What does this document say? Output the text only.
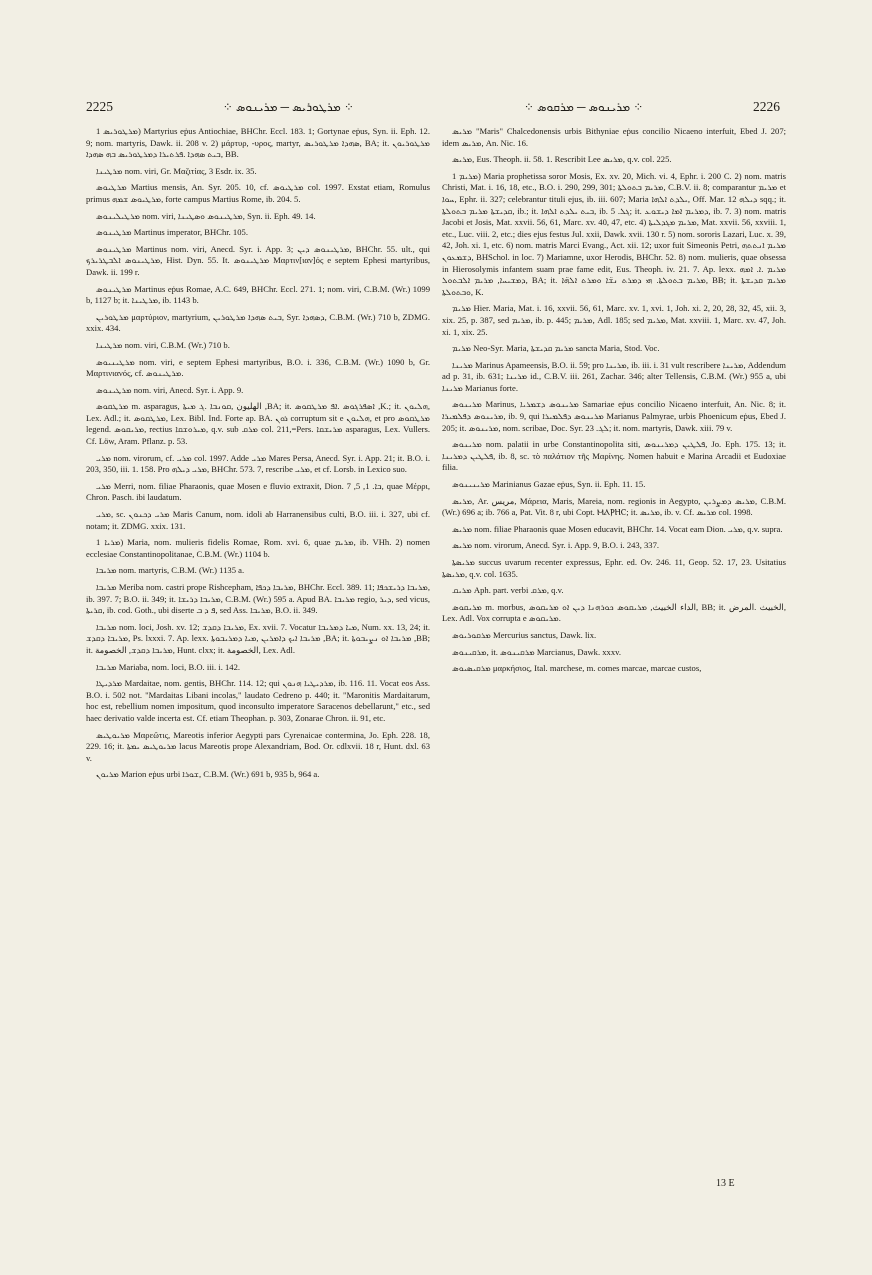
2225	⁘ ܡܪܛܘܪܝܣ ─ ܡܪܝܢܘܣ ⁘	⁘ ܡܪܝܢܘܣ ─ ܡܪܩܘܣ ⁘	2226

ܡܪܛܘܪܝܣ 1) Martyrius eṗus Antiochiae, BHChr. Eccl. 183. 1; Gortynae eṗus, Syn. ii. Eph. 12. 9; nom. martyris, Dawk. ii. 208 v. 2) μάρτυρ, -υρος, martyr, ܣܗܕܐ ܡܪܛܘܪܝܣ, BA; it. ܡܪܛܘܪܝܘܢ ܒܝܬ ܣܗܕܐ .ܦܪܬܝܪܐ ܕܡܪܛܘܪܝܣ ܒܗ ܣܗܕܐ, BB.

ܡܪܛܝܢܐ nom. viri, Gr. Μαζιτίας, 3 Esdr. ix. 35.

ܡܪܛܝܘܣ Martius mensis, An. Syr. 205. 10, cf. ܡܪܛܝܘܣ col. 1997. Exstat etiam, Romulus primus ܡܪܛܝܘܣ ܫܡܗ, forte campus Martius Rome, ib. 204. 5.

ܡܪܛܝܠܝܢܘܣ nom. viri, ܡܪܛܝܢܘܣ ܘܣܛܝܢܐ, Syn. ii. Eph. 49. 14.

ܡܪܛܝܢܘܣ Martinus imperator, BHChr. 105.

ܡܪܛܝܢܘܣ Martinus nom. viri, Anecd. Syr. i. App. 3; ܡܪܛܝܢܘܣ ܕܝܢ, BHChr. 55. ult., qui ܡܪܛܝܢܘܣ ܐܠܒܛܪܝܪܟ, Hist. Dyn. 55. It. ܡܪܛܝܢܘܣ Μαρτιν[ιαν]ός e septem Ephesi martyribus, Dawk. ii. 199 r.

ܡܪܛܝܢܘܣ Martinus eṗus Romae, A.C. 649, BHChr. Eccl. 271. 1; nom. viri, C.B.M. (Wr.) 1099 b, 1127 b; it. ܡܪܛܝܢܐ, ib. 1143 b.

ܡܪܛܘܪܝܢ μαρτύριον, martyrium, ܒܝܬ ܣܗܕܐ ܡܪܛܘܪܝܢ, Syr. ܕܣܗܕܐ, C.B.M. (Wr.) 710 b, ZDMG. xxix. 434.

ܡܪܛܝܢܐ nom. viri, C.B.M. (Wr.) 710 b.

ܡܪܛܝܢܝܘܣ nom. viri, e septem Ephesi martyribus, B.O. i. 336, C.B.M. (Wr.) 1090 b, Gr. Μαρτινιανός, cf. ܡܪܛܝܢܘܣ.

ܡܪܛܝܢܘܣ nom. viri, Anecd. Syr. i. App. 9.

ܡܪܛܩܘܣ m. asparagus, الهليون ,ܩܘܢܒܐ .ܓ ܡܝܬܐ ,BA; it. ܐܣܦܪܓܘܣ .ܐܦ ܡܪܛܩܘܣ ,K.; it. ܗܠܝܘܢ, Lex. Adl.; it. ܡܪܛܩܘܣ, Lex. Bibl. Ind. Forte ap. BA. ܪܘܢ corruptum sit e ܗܠܝܘܢ, et pro ܡܪܛܩܘܣ legend. ܡܪܝܩܘܣ, rectius ܡܝܪܘܫܩܐ, q.v. sub ܡܪܩ col. 211,=Pers. ܡܪܝܫܩܐ asparagus, Lex. Vullers. Cf. Löw, Aram. Pflanz. p. 53.

ܡܪܝ nom. virorum, cf. ܡܪܝ col. 1997. Adde ܡܪܝ Mares Persa, Anecd. Syr. i. App. 21; it. B.O. i. 203, 350, iii. 1. 158. Pro ܡܪܝ ܕܝܠܗ, BHChr. 573. 7, rescribe ܡܪܝ, et cf. Lorsb. in Lexico suo.

ܡܪܝ Merri, nom. filiae Pharaonis, quae Mosen e fluvio extraxit, Dion. ܒܐ. 1, 5, 7, quae Μέρρι, Chron. Pasch. ibi laudatum.

ܡܪܝ, sc. ܡܪܝ ܕܟܢܘܢ Maris Canum, nom. idoli ab Harranensibus culti, B.O. iii. i. 327, ubi cf. notam; it. ZDMG. xxix. 131.

ܡܪܝܐ 1) Maria, nom. mulieris fidelis Romae, Rom. xvi. 6, quae ܡܪܝܡ, ib. VHh. 2) nomen ecclesiae Constantinopolitanae, C.B.M. (Wr.) 1104 b.

ܡܪܝܒܐ nom. martyris, C.B.M. (Wr.) 1135 a.

ܡܪܝܒܐ Meriba nom. castri prope Rishcepham, ܡܪܝܒܐ ܕܟܦܐ, BHChr. Eccl. 389. 11; ܡܪܝܒܐ ܕܪܝܫܟܦܐ, ib. 397. 7; B.O. ii. 349; it. ܡܪܝܒܐ ܕܪܝܫܐ, C.B.M. (Wr.) 595 a. Apud BA. ܡܪܝܒܐ regio, ܕܝܪ, sed vicus, ܩܪܝܬܐ, ib. cod. Goth., ubi diserte ܦ ܕ ܒ, sed Ass. ܡܪܝܒܐ, B.O. ii. 349.

ܡܪܝܒܐ nom. loci, Josh. xv. 12; ܡܪܝܒܐ ܕܩܕܫ, Ex. xvii. 7. Vocatur ܡܝܐ ܕܡܪܝܒܐ, Num. xx. 13, 24; it. ܡܪܝܒܐ ܕܩܕܫ, Ps. lxxxi. 7. Ap. lexx. ܡܪܝܒܐ ܐܝܟ ܕܐܡܪܝܢ ,ܡܝܐ ܕܡܪܝܒܘܬܐ ,BA; it. ܡܪܝܒܐ ܐܘ ܢܨܝܒܘܬܐ ,BB; it. ܡܪܝܒܐ ܕܩܕܫ, الخصومة, Hunt. clxx; it. الخصومة, Lex. Adl.

ܡܪܝܒܐ Mariaba, nom. loci, B.O. iii. i. 142.

ܡܪܕܝܛܐ Mardaitae, nom. gentis, BHChr. 114. 12; qui ܡܪܕܝܛܝܐ ܗܢܘܢ, ib. 116. 11. Vocat eos Ass. B.O. i. 502 not. "Mardaitas Libani incolas," laudato Cedreno p. 440; it. "Maronitis Mardaitarum, hoc est, rebellium nomen impositum, quod inconsulto imperatore Saracenos debellarunt," etc., sed haec derivatio valde incerta est. Cf. etiam Theophan. p. 303, Zonarae Chron. ii. 91, etc.

ܡܪܝܘܛܝܣ Μαρεῶτις, Mareotis inferior Aegypti pars Cyrenaicae contermina, Jo. Eph. 228. 18, 229. 16; it. ܡܪܝܘܛܝܣ ܝܡܬܐ lacus Mareotis prope Alexandriam, Bod. Or. cdlxvii. 18 r, Hunt. dxl. 63 v.

ܡܪܝܘܢ Marion eṗus urbi ܫܘܪܐ, C.B.M. (Wr.) 691 b, 935 b, 964 a.

ܡܪܝܣ "Maris" Chalcedonensis urbis Bithyniae eṗus concilio Nicaeno interfuit, Ebed J. 207; idem ܡܪܝܣ, An. Nic. 16.

ܡܪܝܣ, Eus. Theoph. ii. 58. 1. Rescribit Lee ܡܪܝܣ, q.v. col. 225.

ܡܪܝܡ 1) Maria prophetissa soror Mosis, Ex. xv. 20, Mich. vi. 4, Ephr. i. 200 C. 2) nom. matris Christi, Mat. i. 16, 18, etc., B.O. i. 290, 299, 301; ܡܪܝܡ ܒܬܘܠܬܐ, C.B.V. ii. 8; comparantur ܡܪܝܡ et ܚܘܐ, Ephr. ii. 327; celebrantur tituli ejus, ib. iii. 607; Maria ܝܠܕܬ ܐܠܗܐ, Off. Mar. ܕܝܠܗ 12 sqq.; it. ܩܕܝܫܬܐ ܡܪܝܡ ܒܬܘܠܬܐ, ib.; it. ܒܝܬ ܝܠܕܬ ܐܠܗܐ, ib. ܓܠ. 5; it. ܕܡܪܝܡ ܐܡܐ ܕܝܫܘܥ, ib. 7. 3) nom. matris Jacobi et Josis, Mat. xxvii. 56, 61, Marc. xv. 40, 47, etc. 4) ܡܪܝܡ ܡܓܕܠܝܬܐ, Mat. xxvii. 56, xxviii. 1, etc., Luc. viii. 2, etc.; dies ejus festus Jul. xxii, Dawk. xvii. 130 r. 5) nom. sororis Lazari, Luc. x. 39, 42, Joh. xi. 1, etc. 6) nom. matris Marci Evang., Act. xii. 12; uxor fuit Simeonis Petri, ܡܪܝܡ ܐܢܬܬܗ ܕܫܡܥܘܢ, BHSchol. in loc. 7) Mariamne, uxor Herodis, BHChr. 52. 8) nom. mulieris, quae obsessa in Hierosolymis infantem suam prae fame edit, Eus. Theoph. iv. 21. 7. Ap. lexx. ܡܪܝܡ .ܐ. ܐܡܗ ܕܡܫܝܚܐ, ܡܪܝܡ ܐܠܒܬܘܠ, BA; it. ܡܪܝܡ ܒܬܘܠܬܐ. ܗܝ ܕܡܪܬ ܢܫ̈ܐ ܘܡܪܬ ܐܠܗ̈ܐ, BB; it. ܡܪܝܡ ܩܕܝܫܬܐ ܘܒܬܘܠܬܐ, K.

ܡܪܝܡ Hier. Maria, Mat. i. 16, xxvii. 56, 61, Marc. xv. 1, xvi. 1, Joh. xi. 2, 20, 28, 32, 45, xii. 3, xix. 25, p. 387, sed ܡܪܝܡ, ib. p. 445; ܡܪܝܡ, Adl. 185; sed ܡܪܝܡ, Mat. xxviii. 1, Marc. xv. 47, Joh. xi. 1, xix. 25.

ܡܪܝܡ Neo-Syr. Maria, ܡܪܝܡ ܩܕܝܫܬܐ sancta Maria, Stod. Voc.

ܡܪܝܢܐ Marinus Apameensis, B.O. ii. 59; pro ܡܪܝܢܐ, ib. iii. i. 31 vult rescribere ܡܪܝܢܐ, Addendum ad p. 31, ib. 631; ܡܪܝܢܐ id., C.B.V. iii. 261, Zachar. 346; alter Tellensis, C.B.M. (Wr.) 955 a, ubi ܡܪܝܢܐ Marianus forte.

ܡܪܝܢܘܣ Marinus, ܡܪܝܢܘܣ ܕܫܡܪܝܐ Samariae eṗus concilio Nicaeno interfuit, An. Nic. 8; it. ܡܪܝܢܘܣ ܕܦܠܡܝܪܐ, ib. 9, qui ܡܪܝܢܘܣ ܕܦܠܡܝܪܐ Marianus Palmyrae, urbis Phoenicum eṗus, Ebed J. 205; it. ܡܪܝܢܘܣ, nom. scribae, Doc. Syr. ܠܓ. 23; it. nom. martyris, Dawk. xiii. 79 v.

ܡܪܝܢܘܣ nom. palatii in urbe Constantinopolita siti, ܦܠܛܝܢ ܕܡܪܝܢܘܣ, Jo. Eph. 175. 13; it. ܦܠܛܝܢ ܕܡܪܝܢܐ, ib. 8, sc. τὸ παλάτιον τῆς Μαρίνης. Nomen habuit e Marina Arcadii et Eudoxiae filia.

ܡܪܝܢܝܢܘܣ Marinianus Gazae eṗus, Syn. ii. Eph. 11. 15.

ܡܪܝܣ, Ar. مريس, Μάρεια, Maris, Mareia, nom. regionis in Aegypto, ܡܪܝܣ ܕܡܨܪܝܢ, C.B.M. (Wr.) 696 a; ib. 766 a, Pat. Vit. 8 r, ubi Copt. ⲘⲀⲢⲎⲤ; it. ܡܪܝܣ, ib. v. Cf. ܡܪܝܣ col. 1998.

ܡܪܝܣ nom. filiae Pharaonis quae Mosen educavit, BHChr. 14. Vocat eam Dion. ܡܪܝ, q.v. supra.

ܡܪܝܣ nom. virorum, Anecd. Syr. i. App. 9, B.O. i. 243, 337.

ܡܪܝܣܬܐ succus uvarum recenter expressus, Ephr. ed. Ov. 246. 11, Geop. 52. 17, 23. Usitatius ܡܪܝܣܬܐ, q.v. col. 1635.

ܡܪܝܩ Aph. part. verbi ܡܪܩ, q.v.

ܡܪܝܩܘܣ m. morbus, الداء الخبيث, ܡܪܝܩܘܣ ܟܘܪܗܢܐ ܕܝܢ ܐܘ ܡܪܝܩܘܣ, BB; it. الخبيث .المرض, Lex. Adl. Vox corrupta e ܡܪܝܩܘܣ.

ܡܪܩܘܪܝܘܣ Mercurius sanctus, Dawk. lix.

ܡܪܩܝܢܘܣ, it. ܡܪܩܝܢܘܣ Marcianus, Dawk. xxxv.

ܡܪܩܝܣܝܘܣ μαρκήσιος, Ital. marchese, m. comes marcae, marcae custos,

13 E
